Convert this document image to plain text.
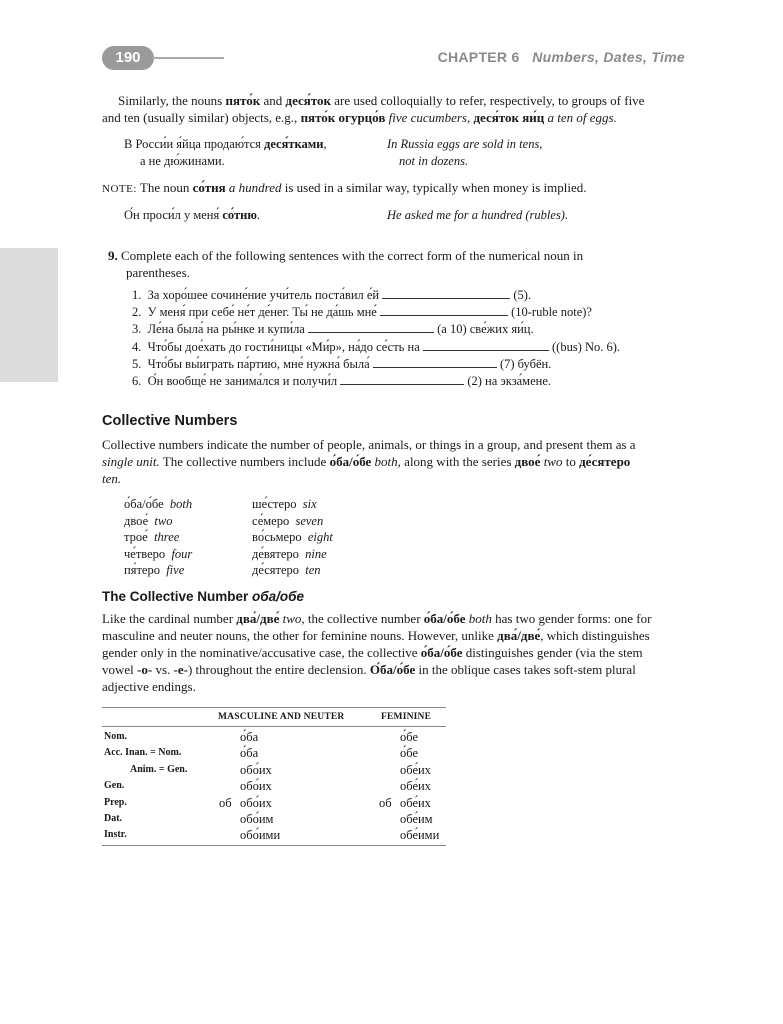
190	CHAPTER 6 Numbers, Dates, Time
Similarly, the nouns пято́к and деся́ток are used colloquially to refer, respectively, to groups of five
and ten (usually similar) objects, e.g., пято́к огурцо́в five cucumbers, деся́ток яи́ц a ten of eggs.
В Росси́и я́йца продаю́тся деся́тками,
а не дю́жинами.
In Russia eggs are sold in tens,
not in dozens.
NOTE: The noun со́тня a hundred is used in a similar way, typically when money is implied.
О́н проси́л у меня́ со́тню.	He asked me for a hundred (rubles).
9. Complete each of the following sentences with the correct form of the numerical noun in
parentheses.
1. За хоро́шее сочине́ние учи́тель поста́вил е́й	(5).
2. У меня́ при себе́ не́т де́нег. Ты́ не да́шь мне́	(10-ruble note)?
3. Ле́на была́ на ры́нке и купи́ла	(a 10) све́жих яи́ц.
4. Что́бы дое́хать до гости́ницы «Ми́р», на́до се́сть на	((bus) No. 6).
5. Что́бы вы́играть па́ртию, мне́ нужна́ была́	(7) бубён.
6. О́н вообще́ не занима́лся и получи́л	(2) на экза́мене.
Collective Numbers
Collective numbers indicate the number of people, animals, or things in a group, and present them as a
single unit. The collective numbers include о́ба/о́бе both, along with the series двое́ two to де́сятеро
ten.
о́ба/о́бе both
двое́ two
трое́ three
че́тверо four
пя́теро five
ше́стеро six
се́меро seven
во́сьмеро eight
де́вятеро nine
де́сятеро ten
The Collective Number оба/обе
Like the cardinal number два́/две́ two, the collective number о́ба/о́бе both has two gender forms: one for
masculine and neuter nouns, the other for feminine nouns. However, unlike два́/две́, which distinguishes
gender only in the nominative/accusative case, the collective о́ба/о́бе distinguishes gender (via the stem
vowel -о- vs. -е-) throughout the entire declension. О́ба/о́бе in the oblique cases takes soft-stem plural
adjective endings.
MASCULINE AND NEUTER	FEMININE
Nom.	о́ба	о́бе
Acc. Inan. = Nom.	о́ба	о́бе
Anim. = Gen.	обо́их	обе́их
Gen.	обо́их	обе́их
Prep.	об обо́их	об обе́их
Dat.	обо́им	обе́им
Instr.	обо́ими	обе́ими
